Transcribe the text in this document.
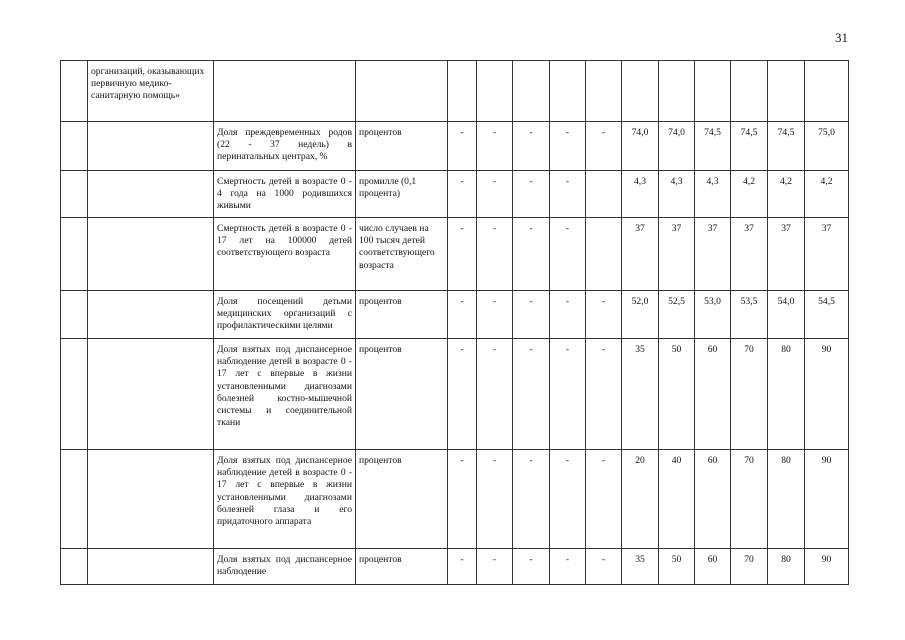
31
	организаций, оказывающих первичную медико-санитарную помощь»													
		Доля преждевременных родов (22 - 37 недель) в перинатальных центрах, %	процентов	-	-	-	-	-	74,0	74,0	74,5	74,5	74,5	75,0
		Смертность детей в возрасте 0 - 4 года на 1000 родившихся живыми	промилле (0,1 процента)	-	-	-	-		4,3	4,3	4,3	4,2	4,2	4,2
		Смертность детей в возрасте 0 - 17 лет на 100000 детей соответствующего возраста	число случаев на 100 тысяч детей соответствующего возраста	-	-	-	-		37	37	37	37	37	37
		Доля посещений детьми медицинских организаций с профилактическими целями	процентов	-	-	-	-	-	52,0	52,5	53,0	53,5	54,0	54,5
		Доля взятых под диспансерное наблюдение детей в возрасте 0 - 17 лет с впервые в жизни установленными диагнозами болезней костно-мышечной системы и соединительной ткани	процентов	-	-	-	-	-	35	50	60	70	80	90
		Доля взятых под диспансерное наблюдение детей в возрасте 0 - 17 лет с впервые в жизни установленными диагнозами болезней глаза и его придаточного аппарата	процентов	-	-	-	-	-	20	40	60	70	80	90
		Доля взятых под диспансерное наблюдение	процентов	-	-	-	-	-	35	50	60	70	80	90
